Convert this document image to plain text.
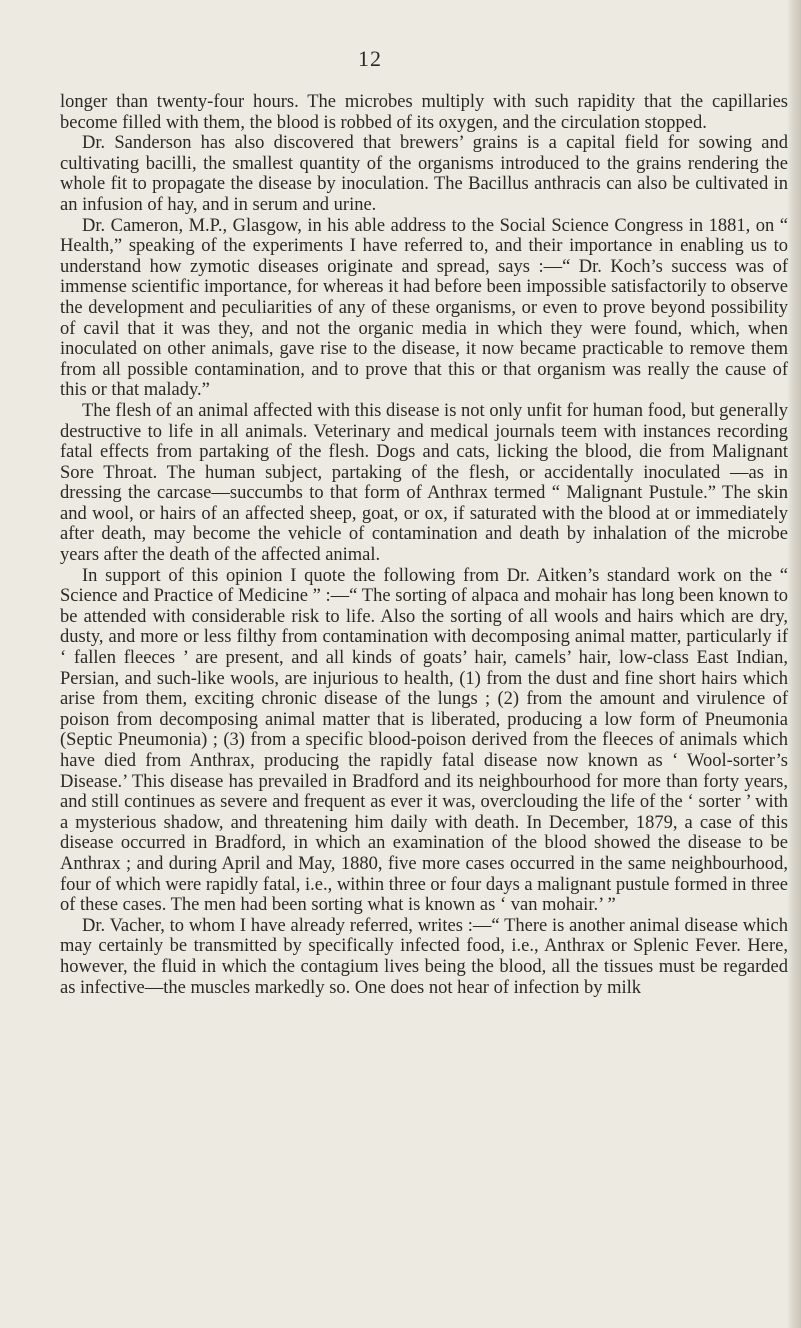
12

longer than twenty-four hours. The microbes multiply with such rapidity that the capillaries become filled with them, the blood is robbed of its oxygen, and the circulation stopped.

Dr. Sanderson has also discovered that brewers’ grains is a capital field for sowing and cultivating bacilli, the smallest quantity of the organisms introduced to the grains rendering the whole fit to propagate the disease by inoculation. The Bacillus anthracis can also be cultivated in an infusion of hay, and in serum and urine.

Dr. Cameron, M.P., Glasgow, in his able address to the Social Science Congress in 1881, on “ Health,” speaking of the experiments I have referred to, and their importance in enabling us to understand how zymotic diseases originate and spread, says :—“ Dr. Koch’s success was of immense scientific importance, for whereas it had before been impossible satisfactorily to observe the development and peculiarities of any of these organisms, or even to prove beyond possibility of cavil that it was they, and not the organic media in which they were found, which, when inoculated on other animals, gave rise to the disease, it now became practicable to remove them from all possible contamination, and to prove that this or that organism was really the cause of this or that malady.”

The flesh of an animal affected with this disease is not only unfit for human food, but generally destructive to life in all animals. Veterinary and medical journals teem with instances recording fatal effects from partaking of the flesh. Dogs and cats, licking the blood, die from Malignant Sore Throat. The human subject, partaking of the flesh, or accidentally inoculated —as in dressing the carcase—succumbs to that form of Anthrax termed “ Malignant Pustule.” The skin and wool, or hairs of an affected sheep, goat, or ox, if saturated with the blood at or immediately after death, may become the vehicle of contamination and death by inhalation of the microbe years after the death of the affected animal.

In support of this opinion I quote the following from Dr. Aitken’s standard work on the “ Science and Practice of Medicine ” :—“ The sorting of alpaca and mohair has long been known to be attended with considerable risk to life. Also the sorting of all wools and hairs which are dry, dusty, and more or less filthy from contamination with decomposing animal matter, particularly if ‘ fallen fleeces ’ are present, and all kinds of goats’ hair, camels’ hair, low-class East Indian, Persian, and such-like wools, are injurious to health, (1) from the dust and fine short hairs which arise from them, exciting chronic disease of the lungs ; (2) from the amount and virulence of poison from decomposing animal matter that is liberated, producing a low form of Pneumonia (Septic Pneumonia) ; (3) from a specific blood-poison derived from the fleeces of animals which have died from Anthrax, producing the rapidly fatal disease now known as ‘ Wool-sorter’s Disease.’ This disease has prevailed in Bradford and its neighbourhood for more than forty years, and still continues as severe and frequent as ever it was, overclouding the life of the ‘ sorter ’ with a mysterious shadow, and threatening him daily with death. In December, 1879, a case of this disease occurred in Bradford, in which an examination of the blood showed the disease to be Anthrax ; and during April and May, 1880, five more cases occurred in the same neighbourhood, four of which were rapidly fatal, i.e., within three or four days a malignant pustule formed in three of these cases. The men had been sorting what is known as ‘ van mohair.’ ”

Dr. Vacher, to whom I have already referred, writes :—“ There is another animal disease which may certainly be transmitted by specifically infected food, i.e., Anthrax or Splenic Fever. Here, however, the fluid in which the contagium lives being the blood, all the tissues must be regarded as infective—the muscles markedly so. One does not hear of infection by milk
